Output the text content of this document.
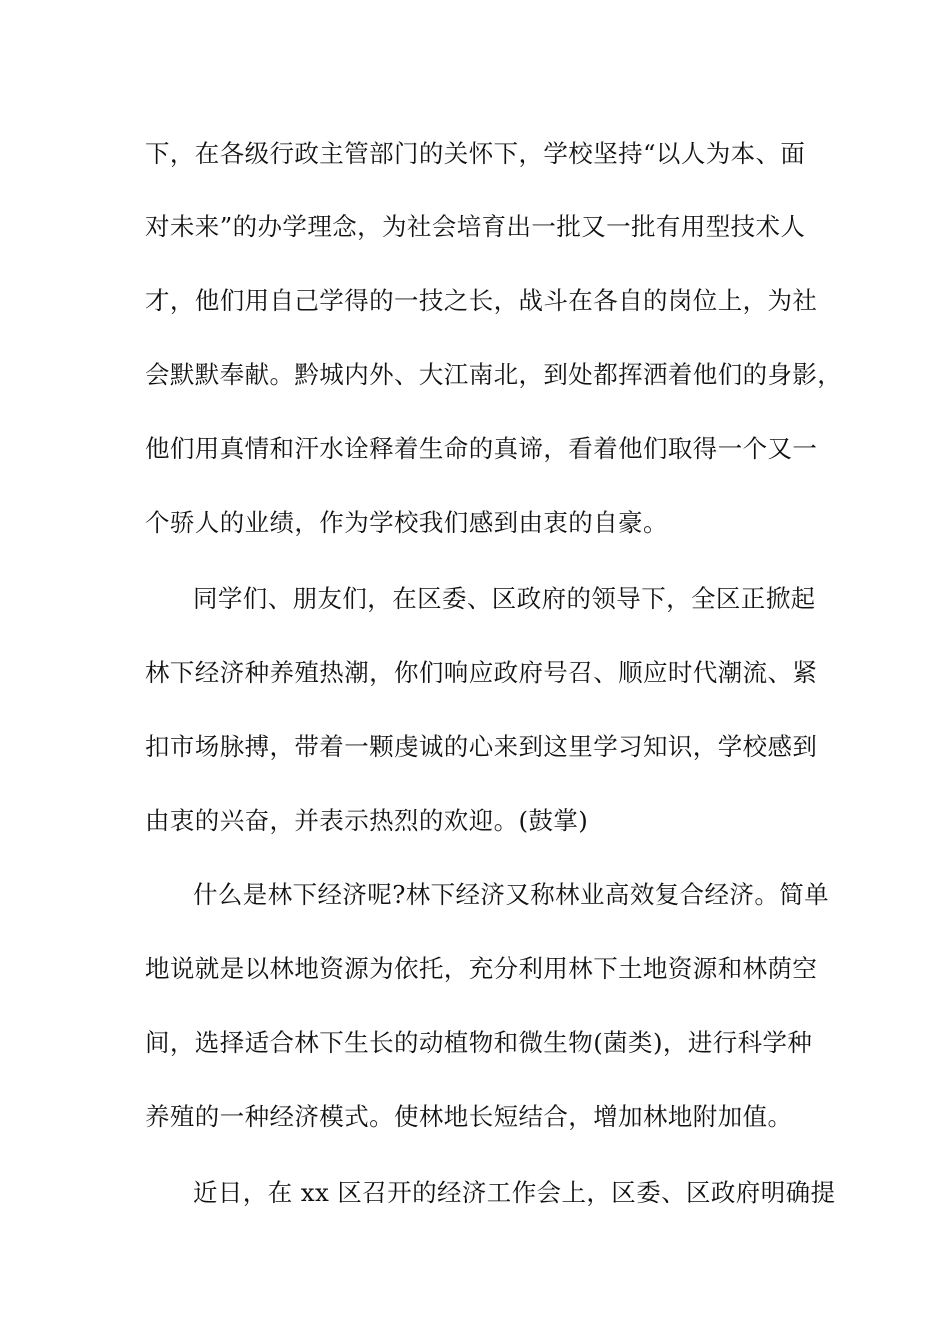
下，在各级行政主管部门的关怀下，学校坚持“以人为本、面
对未来”的办学理念，为社会培育出一批又一批有用型技术人
才，他们用自己学得的一技之长，战斗在各自的岗位上，为社
会默默奉献。黔城内外、大江南北，到处都挥洒着他们的身影，
他们用真情和汗水诠释着生命的真谛，看着他们取得一个又一
个骄人的业绩，作为学校我们感到由衷的自豪。
同学们、朋友们，在区委、区政府的领导下，全区正掀起
林下经济种养殖热潮，你们响应政府号召、顺应时代潮流、紧
扣市场脉搏，带着一颗虔诚的心来到这里学习知识，学校感到
由衷的兴奋，并表示热烈的欢迎。(鼓掌)
什么是林下经济呢?林下经济又称林业高效复合经济。简单
地说就是以林地资源为依托，充分利用林下土地资源和林荫空
间，选择适合林下生长的动植物和微生物(菌类)，进行科学种
养殖的一种经济模式。使林地长短结合，增加林地附加值。
近日，在 xx 区召开的经济工作会上，区委、区政府明确提
